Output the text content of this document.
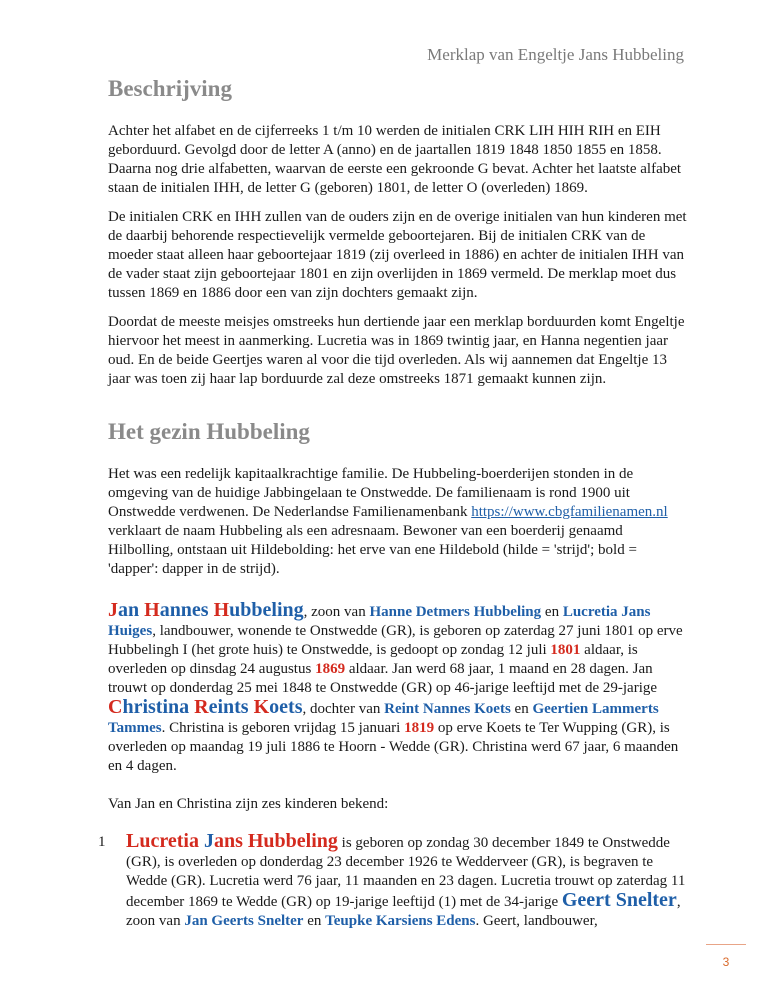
Merklap van Engeltje Jans Hubbeling
Beschrijving

Achter het alfabet en de cijferreeks 1 t/m 10 werden de initialen CRK LIH HIH RIH en EIH geborduurd. Gevolgd door de letter A (anno) en de jaartallen 1819 1848 1850 1855 en 1858. Daarna nog drie alfabetten, waarvan de eerste een gekroonde G bevat. Achter het laatste alfabet staan de initialen IHH, de letter G (geboren) 1801, de letter O (overleden) 1869.

De initialen CRK en IHH zullen van de ouders zijn en de overige initialen van hun kinderen met de daarbij behorende respectievelijk vermelde geboortejaren. Bij de initialen CRK van de moeder staat alleen haar geboortejaar 1819 (zij overleed in 1886) en achter de initialen IHH van de vader staat zijn geboortejaar 1801 en zijn overlijden in 1869 vermeld. De merklap moet dus tussen 1869 en 1886 door een van zijn dochters gemaakt zijn.

Doordat de meeste meisjes omstreeks hun dertiende jaar een merklap borduurden komt Engeltje hiervoor het meest in aanmerking. Lucretia was in 1869 twintig jaar, en Hanna negentien jaar oud. En de beide Geertjes waren al voor die tijd overleden. Als wij aannemen dat Engeltje 13 jaar was toen zij haar lap borduurde zal deze omstreeks 1871 gemaakt kunnen zijn.

Het gezin Hubbeling

Het was een redelijk kapitaalkrachtige familie. De Hubbeling-boerderijen stonden in de omgeving van de huidige Jabbingelaan te Onstwedde. De familienaam is rond 1900 uit Onstwedde verdwenen. De Nederlandse Familienamenbank https://www.cbgfamilienamen.nl verklaart de naam Hubbeling als een adresnaam. Bewoner van een boerderij genaamd Hilbolling, ontstaan uit Hildebolding: het erve van ene Hildebold (hilde = 'strijd'; bold = 'dapper': dapper in de strijd).

Jan Hannes Hubbeling, zoon van Hanne Detmers Hubbeling en Lucretia Jans Huiges, landbouwer, wonende te Onstwedde (GR), is geboren op zaterdag 27 juni 1801 op erve Hubbelingh I (het grote huis) te Onstwedde, is gedoopt op zondag 12 juli 1801 aldaar, is overleden op dinsdag 24 augustus 1869 aldaar. Jan werd 68 jaar, 1 maand en 28 dagen. Jan trouwt op donderdag 25 mei 1848 te Onstwedde (GR) op 46-jarige leeftijd met de 29-jarige Christina Reints Koets, dochter van Reint Nannes Koets en Geertien Lammerts Tammes. Christina is geboren vrijdag 15 januari 1819 op erve Koets te Ter Wupping (GR), is overleden op maandag 19 juli 1886 te Hoorn - Wedde (GR). Christina werd 67 jaar, 6 maanden en 4 dagen.

Van Jan en Christina zijn zes kinderen bekend:

1 Lucretia Jans Hubbeling is geboren op zondag 30 december 1849 te Onstwedde (GR), is overleden op donderdag 23 december 1926 te Wedderveer (GR), is begraven te Wedde (GR). Lucretia werd 76 jaar, 11 maanden en 23 dagen. Lucretia trouwt op zaterdag 11 december 1869 te Wedde (GR) op 19-jarige leeftijd (1) met de 34-jarige Geert Snelter, zoon van Jan Geerts Snelter en Teupke Karsiens Edens. Geert, landbouwer,

3
